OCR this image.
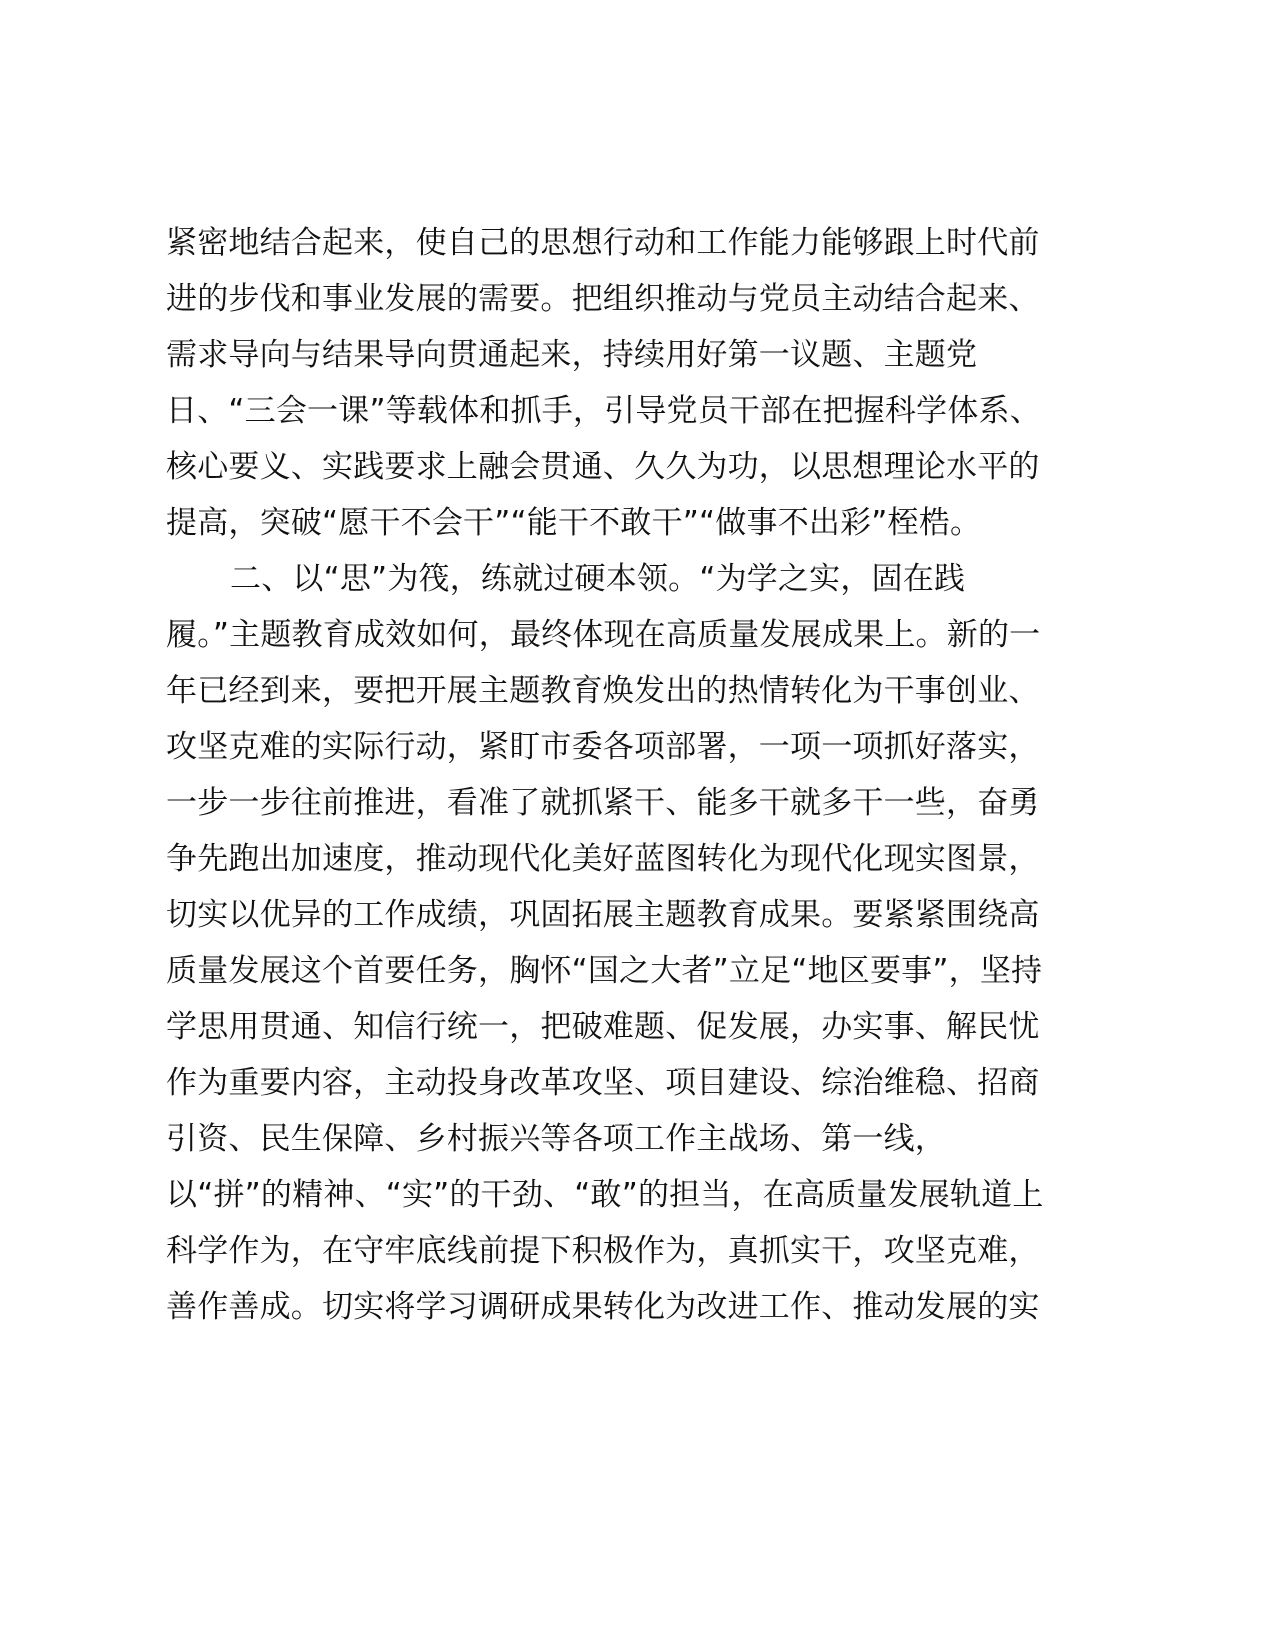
紧密地结合起来，使自己的思想行动和工作能力能够跟上时代前
进的步伐和事业发展的需要。把组织推动与党员主动结合起来、
需求导向与结果导向贯通起来，持续用好第一议题、主题党
日、“三会一课”等载体和抓手，引导党员干部在把握科学体系、
核心要义、实践要求上融会贯通、久久为功，以思想理论水平的
提高，突破“愿干不会干”“能干不敢干”“做事不出彩”桎梏。
二、以“思”为筏，练就过硬本领。“为学之实，固在践
履。”主题教育成效如何，最终体现在高质量发展成果上。新的一
年已经到来，要把开展主题教育焕发出的热情转化为干事创业、
攻坚克难的实际行动，紧盯市委各项部署，一项一项抓好落实，
一步一步往前推进，看准了就抓紧干、能多干就多干一些，奋勇
争先跑出加速度，推动现代化美好蓝图转化为现代化现实图景，
切实以优异的工作成绩，巩固拓展主题教育成果。要紧紧围绕高
质量发展这个首要任务，胸怀“国之大者”立足“地区要事”，坚持
学思用贯通、知信行统一，把破难题、促发展，办实事、解民忧
作为重要内容，主动投身改革攻坚、项目建设、综治维稳、招商
引资、民生保障、乡村振兴等各项工作主战场、第一线，
以“拼”的精神、“实”的干劲、“敢”的担当，在高质量发展轨道上
科学作为，在守牢底线前提下积极作为，真抓实干，攻坚克难，
善作善成。切实将学习调研成果转化为改进工作、推动发展的实
